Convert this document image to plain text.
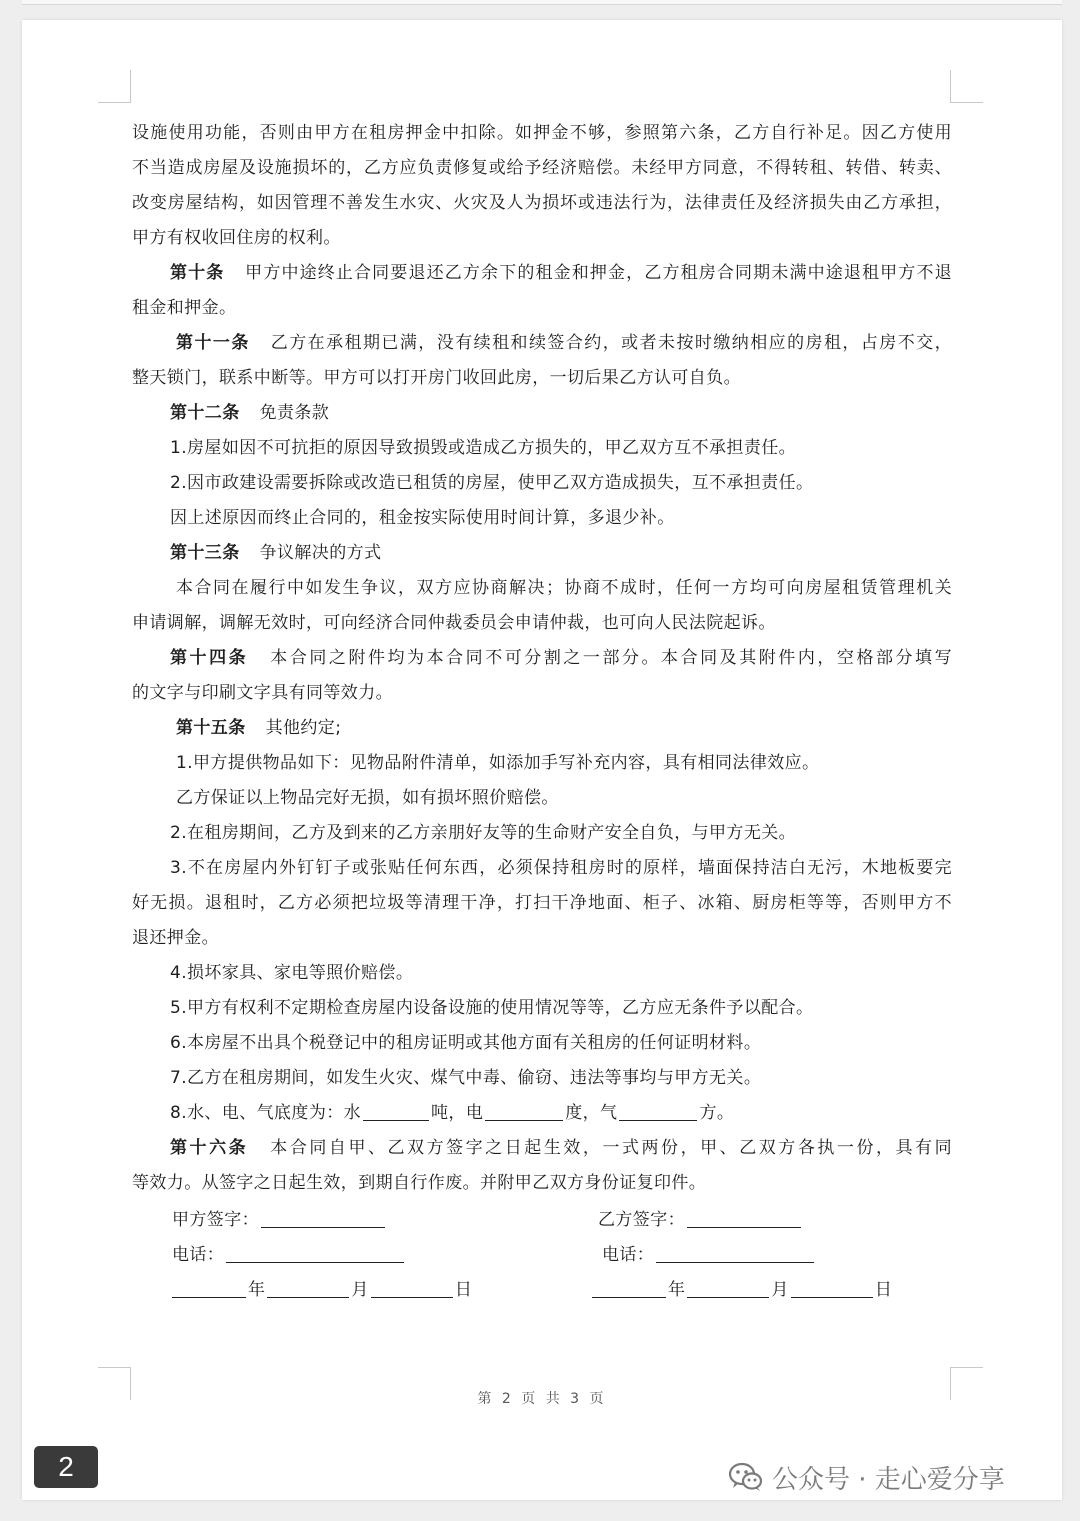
设施使用功能，否则由甲方在租房押金中扣除。如押金不够，参照第六条，乙方自行补足。因乙方使用
不当造成房屋及设施损坏的，乙方应负责修复或给予经济赔偿。未经甲方同意，不得转租、转借、转卖、
改变房屋结构，如因管理不善发生水灾、火灾及人为损坏或违法行为，法律责任及经济损失由乙方承担，
甲方有权收回住房的权利。
第十条 甲方中途终止合同要退还乙方余下的租金和押金，乙方租房合同期未满中途退租甲方不退
租金和押金。
第十一条 乙方在承租期已满，没有续租和续签合约，或者未按时缴纳相应的房租，占房不交，
整天锁门，联系中断等。甲方可以打开房门收回此房，一切后果乙方认可自负。
第十二条 免责条款
1.房屋如因不可抗拒的原因导致损毁或造成乙方损失的，甲乙双方互不承担责任。
2.因市政建设需要拆除或改造已租赁的房屋，使甲乙双方造成损失，互不承担责任。
因上述原因而终止合同的，租金按实际使用时间计算，多退少补。
第十三条 争议解决的方式
本合同在履行中如发生争议，双方应协商解决；协商不成时，任何一方均可向房屋租赁管理机关
申请调解，调解无效时，可向经济合同仲裁委员会申请仲裁，也可向人民法院起诉。
第十四条 本合同之附件均为本合同不可分割之一部分。本合同及其附件内，空格部分填写
的文字与印刷文字具有同等效力。
第十五条 其他约定;
1.甲方提供物品如下：见物品附件清单，如添加手写补充内容，具有相同法律效应。
乙方保证以上物品完好无损，如有损坏照价赔偿。
2.在租房期间，乙方及到来的乙方亲朋好友等的生命财产安全自负，与甲方无关。
3.不在房屋内外钉钉子或张贴任何东西，必须保持租房时的原样，墙面保持洁白无污，木地板要完
好无损。退租时，乙方必须把垃圾等清理干净，打扫干净地面、柜子、冰箱、厨房柜等等，否则甲方不
退还押金。
4.损坏家具、家电等照价赔偿。
5.甲方有权利不定期检查房屋内设备设施的使用情况等等，乙方应无条件予以配合。
6.本房屋不出具个税登记中的租房证明或其他方面有关租房的任何证明材料。
7.乙方在租房期间，如发生火灾、煤气中毒、偷窃、违法等事均与甲方无关。
8.水、电、气底度为：水	吨，电	度，气	方。
第十六条 本合同自甲、乙双方签字之日起生效，一式两份，甲、乙双方各执一份，具有同
等效力。从签字之日起生效，到期自行作废。并附甲乙双方身份证复印件。
甲方签字：	乙方签字：
电话：	电话：
年	月	日	年	月	日
第 2 页 共 3 页
2	公众号 · 走心爱分享
